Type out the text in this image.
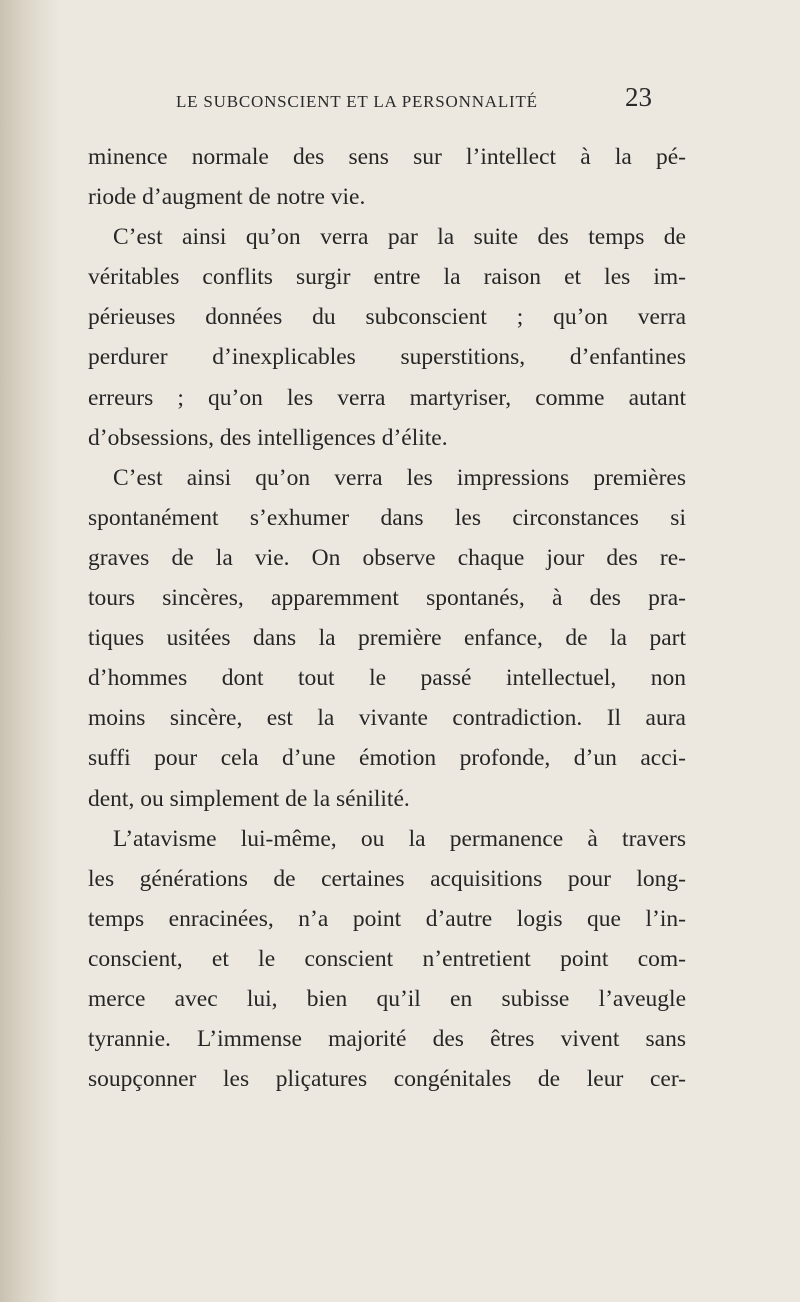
LE SUBCONSCIENT ET LA PERSONNALITÉ	23
minence normale des sens sur l’intellect à la pé-
riode d’augment de notre vie.
C’est ainsi qu’on verra par la suite des temps de
véritables conflits surgir entre la raison et les im-
périeuses données du subconscient ; qu’on verra
perdurer d’inexplicables superstitions, d’enfantines
erreurs ; qu’on les verra martyriser, comme autant
d’obsessions, des intelligences d’élite.
C’est ainsi qu’on verra les impressions premières
spontanément s’exhumer dans les circonstances si
graves de la vie. On observe chaque jour des re-
tours sincères, apparemment spontanés, à des pra-
tiques usitées dans la première enfance, de la part
d’hommes dont tout le passé intellectuel, non
moins sincère, est la vivante contradiction. Il aura
suffi pour cela d’une émotion profonde, d’un acci-
dent, ou simplement de la sénilité.
L’atavisme lui-même, ou la permanence à travers
les générations de certaines acquisitions pour long-
temps enracinées, n’a point d’autre logis que l’in-
conscient, et le conscient n’entretient point com-
merce avec lui, bien qu’il en subisse l’aveugle
tyrannie. L’immense majorité des êtres vivent sans
soupçonner les pliçatures congénitales de leur cer-
